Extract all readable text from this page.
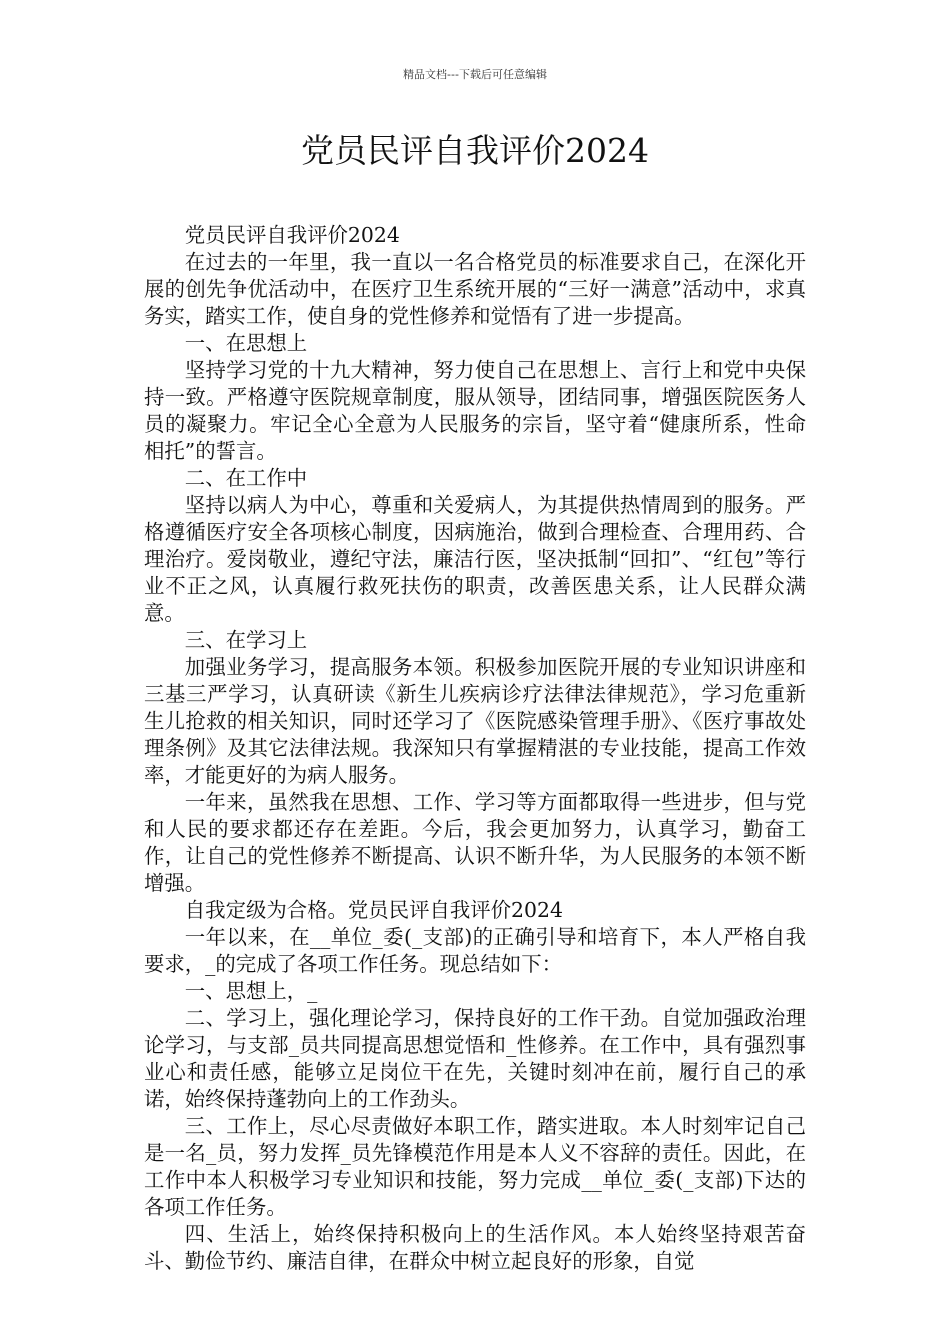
精品文档---下载后可任意编辑
党员民评自我评价2024

党员民评自我评价2024

在过去的一年里，我一直以一名合格党员的标准要求自己，在深化开展的创先争优活动中，在医疗卫生系统开展的“三好一满意”活动中，求真务实，踏实工作，使自身的党性修养和觉悟有了进一步提高。

一、在思想上

坚持学习党的十九大精神，努力使自己在思想上、言行上和党中央保持一致。严格遵守医院规章制度，服从领导，团结同事，增强医院医务人员的凝聚力。牢记全心全意为人民服务的宗旨，坚守着“健康所系，性命相托”的誓言。

二、在工作中

坚持以病人为中心，尊重和关爱病人，为其提供热情周到的服务。严格遵循医疗安全各项核心制度，因病施治，做到合理检查、合理用药、合理治疗。爱岗敬业，遵纪守法，廉洁行医，坚决抵制“回扣”、“红包”等行业不正之风，认真履行救死扶伤的职责，改善医患关系，让人民群众满意。

三、在学习上

加强业务学习，提高服务本领。积极参加医院开展的专业知识讲座和三基三严学习，认真研读《新生儿疾病诊疗法律法律规范》，学习危重新生儿抢救的相关知识，同时还学习了《医院感染管理手册》、《医疗事故处理条例》及其它法律法规。我深知只有掌握精湛的专业技能，提高工作效率，才能更好的为病人服务。

一年来，虽然我在思想、工作、学习等方面都取得一些进步，但与党和人民的要求都还存在差距。今后，我会更加努力，认真学习，勤奋工作，让自己的党性修养不断提高、认识不断升华，为人民服务的本领不断增强。

自我定级为合格。党员民评自我评价2024

一年以来，在__单位_委(_支部)的正确引导和培育下，本人严格自我要求，_的完成了各项工作任务。现总结如下：

一、思想上，_

二、学习上，强化理论学习，保持良好的工作干劲。自觉加强政治理论学习，与支部_员共同提高思想觉悟和_性修养。在工作中，具有强烈事业心和责任感，能够立足岗位干在先，关键时刻冲在前，履行自己的承诺，始终保持蓬勃向上的工作劲头。

三、工作上，尽心尽责做好本职工作，踏实进取。本人时刻牢记自己是一名_员，努力发挥_员先锋模范作用是本人义不容辞的责任。因此，在工作中本人积极学习专业知识和技能，努力完成__单位_委(_支部)下达的各项工作任务。

四、生活上，始终保持积极向上的生活作风。本人始终坚持艰苦奋斗、勤俭节约、廉洁自律，在群众中树立起良好的形象，自觉
